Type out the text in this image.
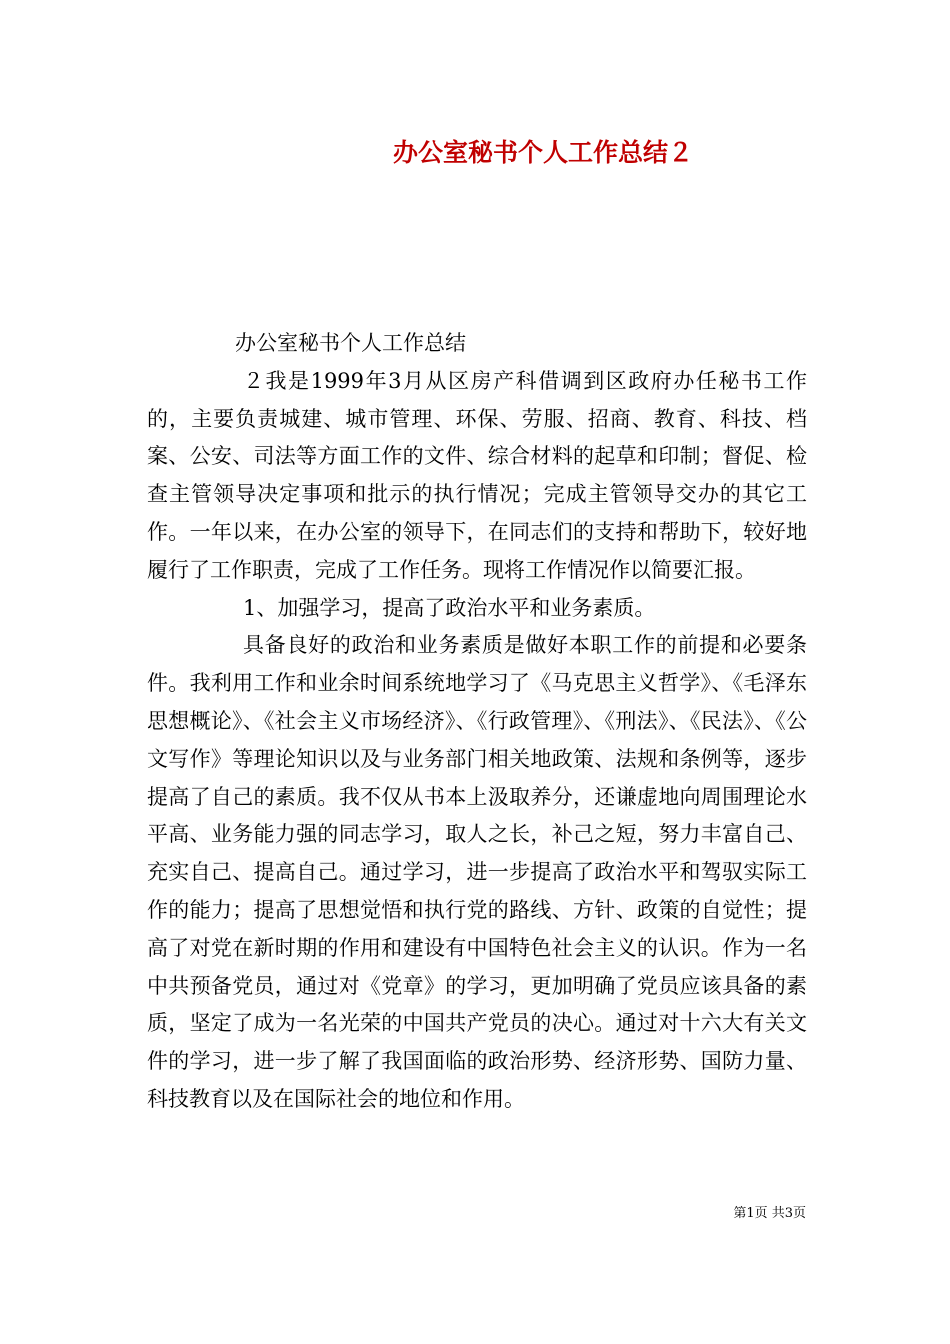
办公室秘书个人工作总结２

办公室秘书个人工作总结

２我是1999年3月从区房产科借调到区政府办任秘书工作的，主要负责城建、城市管理、环保、劳服、招商、教育、科技、档案、公安、司法等方面工作的文件、综合材料的起草和印制；督促、检查主管领导决定事项和批示的执行情况；完成主管领导交办的其它工作。一年以来，在办公室的领导下，在同志们的支持和帮助下，较好地履行了工作职责，完成了工作任务。现将工作情况作以简要汇报。

1、加强学习，提高了政治水平和业务素质。

具备良好的政治和业务素质是做好本职工作的前提和必要条件。我利用工作和业余时间系统地学习了《马克思主义哲学》、《毛泽东思想概论》、《社会主义市场经济》、《行政管理》、《刑法》、《民法》、《公文写作》等理论知识以及与业务部门相关地政策、法规和条例等，逐步提高了自己的素质。我不仅从书本上汲取养分，还谦虚地向周围理论水平高、业务能力强的同志学习，取人之长，补己之短，努力丰富自己、充实自己、提高自己。通过学习，进一步提高了政治水平和驾驭实际工作的能力；提高了思想觉悟和执行党的路线、方针、政策的自觉性；提高了对党在新时期的作用和建设有中国特色社会主义的认识。作为一名中共预备党员，通过对《党章》的学习，更加明确了党员应该具备的素质，坚定了成为一名光荣的中国共产党员的决心。通过对十六大有关文件的学习，进一步了解了我国面临的政治形势、经济形势、国防力量、科技教育以及在国际社会的地位和作用。

第1页 共3页
